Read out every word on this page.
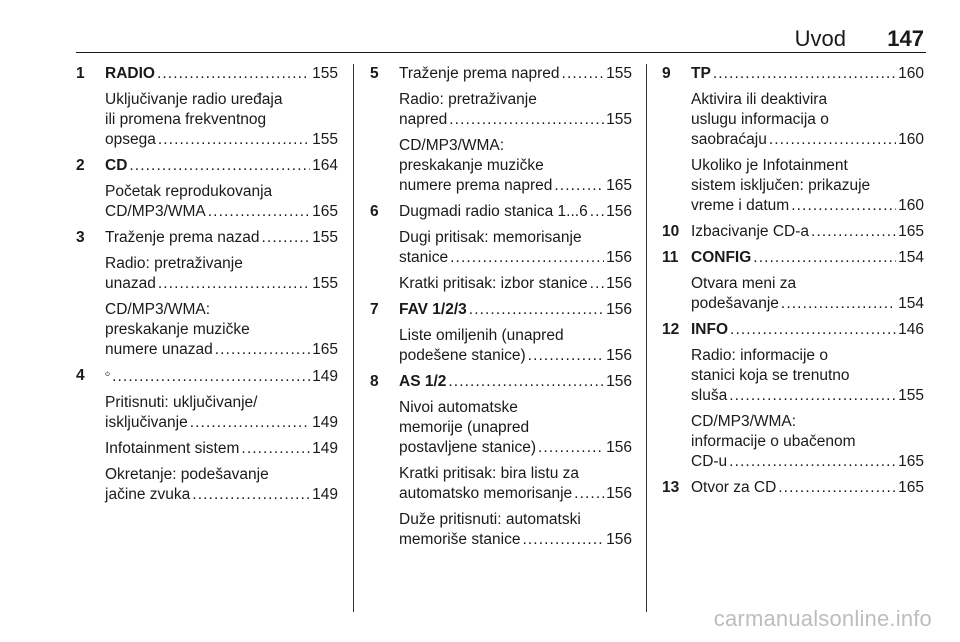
Uvod 147
1 RADIO . . .	155
Uključivanje radio uređaja
ili promena frekventnog
opsega . . .	155
2 CD . . .	164
Početak reprodukovanja
CD/MP3/WMA . . .	165
3 Traženje prema nazad . . .	155
Radio: pretraživanje
unazad . . .	155
CD/MP3/WMA:
preskakanje muzičke
numere unazad . . .	165
4 . . .	149
Pritisnuti: uključivanje/
isključivanje . . .	149
Infotainment sistem . . .	149
Okretanje: podešavanje
jačine zvuka . . .	149
5 Traženje prema napred . . .	155
Radio: pretraživanje
napred . . .	155
CD/MP3/WMA:
preskakanje muzičke
numere prema napred . . .	165
6 Dugmadi radio stanica 1...6 . . . 156
Dugi pritisak: memorisanje
stanice . . .	156
Kratki pritisak: izbor stanice . . . 156
7 FAV 1/2/3 . . .	156
Liste omiljenih (unapred
podešene stanice) . . .	156
8 AS 1/2 . . .	156
Nivoi automatske
memorije (unapred
postavljene stanice) . . .	156
Kratki pritisak: bira listu za
automatsko memorisanje . . . 156
Duže pritisnuti: automatski
memoriše stanice . . .	156
9 TP . . .	160
Aktivira ili deaktivira
uslugu informacija o
saobraćaju . . .	160
Ukoliko je Infotainment
sistem isključen: prikazuje
vreme i datum . . .	160
10 Izbacivanje CD-a . . .	165
11 CONFIG . . .	154
Otvara meni za
podešavanje . . .	154
12 INFO . . .	146
Radio: informacije o
stanici koja se trenutno
sluša . . .	155
CD/MP3/WMA:
informacije o ubačenom
CD-u . . .	165
13 Otvor za CD . . .	165
carmanualsonline.info
